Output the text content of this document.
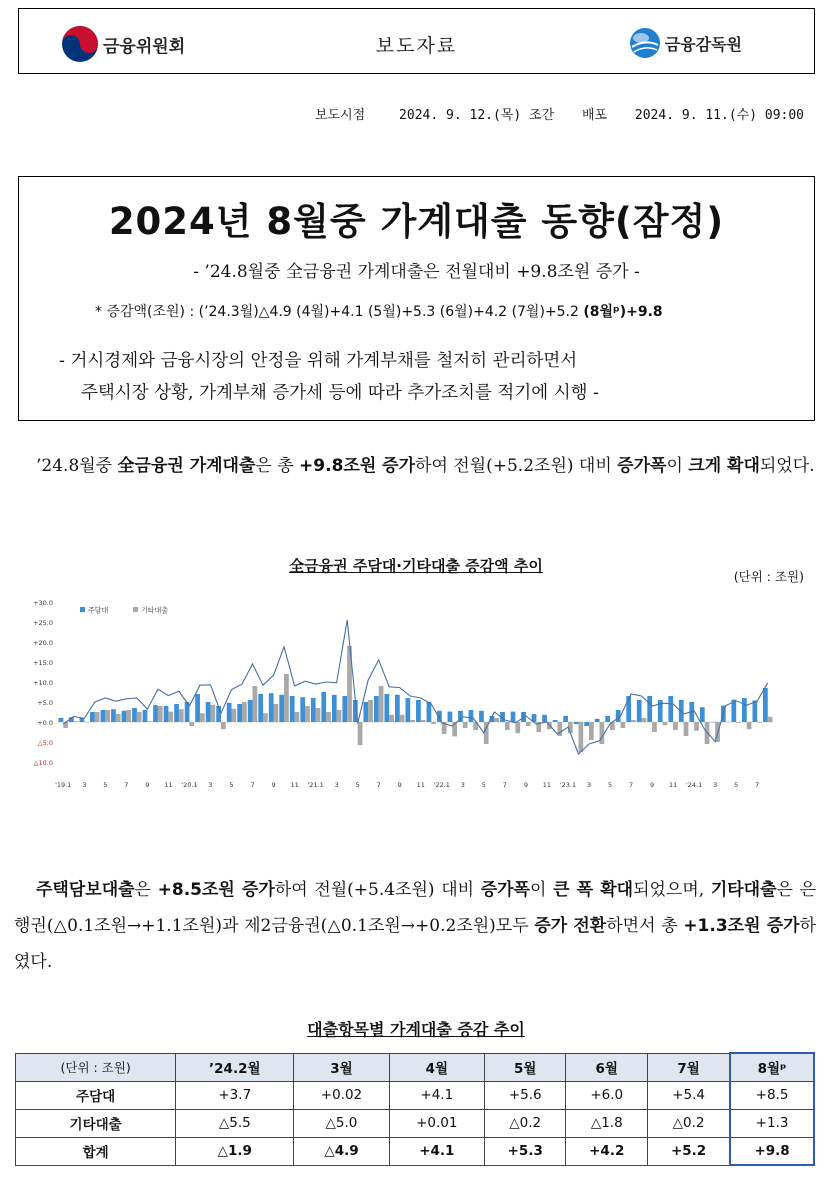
금융위원회	보도자료	금융감독원
보도시점	2024. 9. 12.(목) 조간 배포 2024. 9. 11.(수) 09:00
2024년 8월중 가계대출 동향(잠정)
- ’24.8월중 全금융권 가계대출은 전월대비 +9.8조원 증가 -
* 증감액(조원) : (’24.3월)△4.9 (4월)+4.1 (5월)+5.3 (6월)+4.2 (7월)+5.2 (8월ᵖ)+9.8
- 거시경제와 금융시장의 안정을 위해 가계부채를 철저히 관리하면서
주택시장 상황, 가계부채 증가세 등에 따라 추가조치를 적기에 시행 -
’24.8월중 全금융권 가계대출은 총 +9.8조원 증가하여 전월(+5.2조원) 대비 증가폭이 크게 확대되었다.
全금융권 주담대·기타대출 증감액 추이
(단위 : 조원)
+30.0
+25.0
+20.0
+15.0
+10.0
+5.0
+0.0
△5.0
△10.0
'19.1 3	5	7	9 11 '20.1 3	5	7	9 11 '21.1 3	5	7	9 11 '22.1 3	5	7	9 11 '23.1 3	5	7	9 11 '24.1 3	5	7
주담대	기타대출
주택담보대출은 +8.5조원 증가하여 전월(+5.4조원) 대비 증가폭이 큰 폭 확대되었으며, 기타대출은 은행권(△0.1조원→+1.1조원)과 제2금융권(△0.1조원→+0.2조원)모두 증가 전환하면서 총 +1.3조원 증가하였다.
대출항목별 가계대출 증감 추이
(단위 : 조원)	’24.2월	3월	4월	5월	6월	7월	8월ᵖ
주담대	+3.7	+0.02	+4.1	+5.6	+6.0	+5.4	+8.5
기타대출	△5.5	△5.0	+0.01	△0.2	△1.8	△0.2	+1.3
합계	△1.9	△4.9	+4.1	+5.3	+4.2	+5.2	+9.8
